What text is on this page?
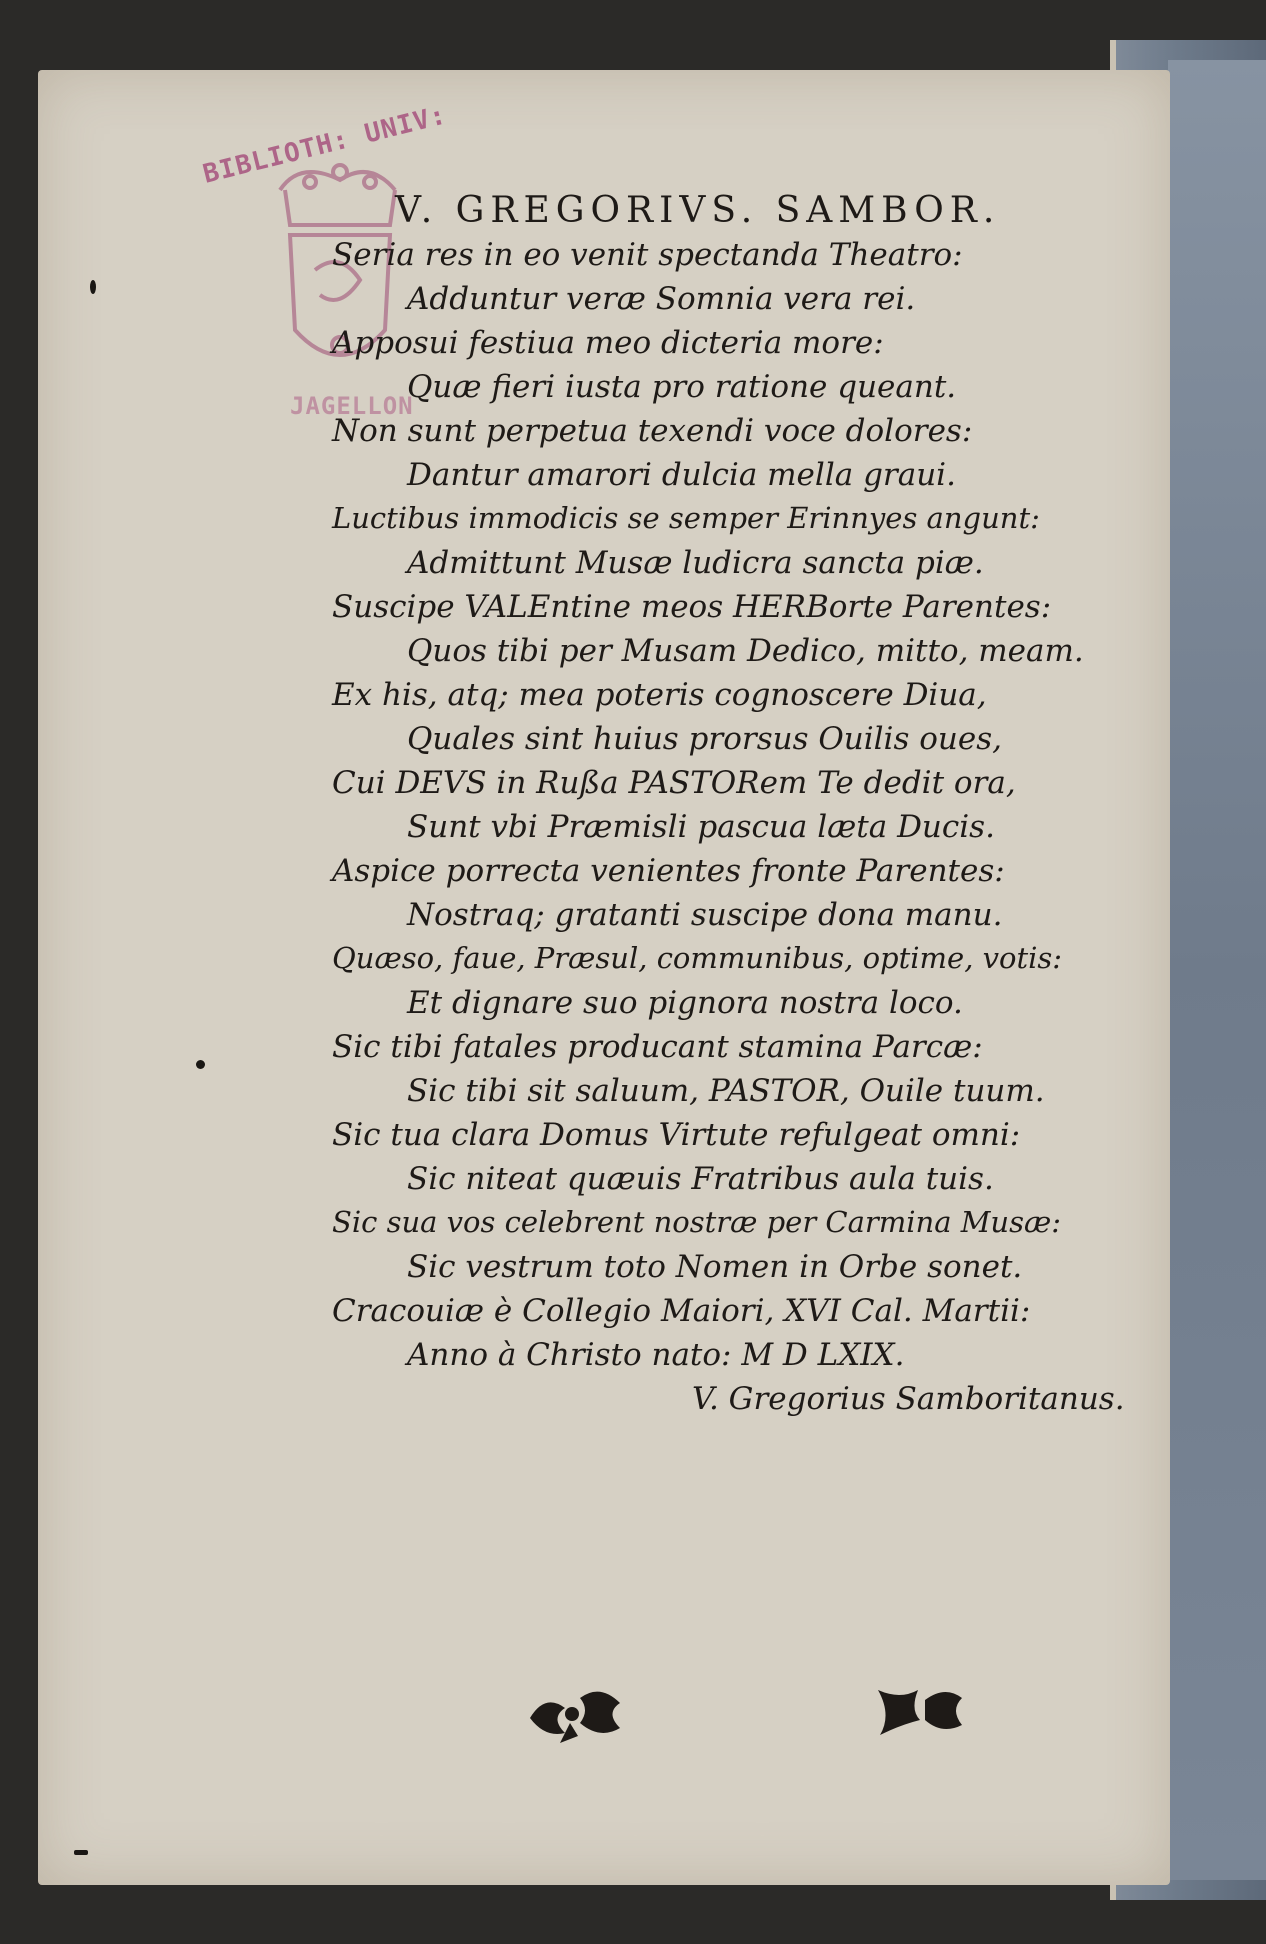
BIBLIOTH: UNIV:
JAGELLON
V. GREGORIVS. SAMBOR.
Seria res in eo venit spectanda Theatro:
Adduntur veræ Somnia vera rei.
Apposui festiua meo dicteria more:
Quæ fieri iusta pro ratione queant.
Non sunt perpetua texendi voce dolores:
Dantur amarori dulcia mella graui.
Luctibus immodicis se semper Erinnyes angunt:
Admittunt Musæ ludicra sancta piæ.
Suscipe VALEntine meos HERBorte Parentes:
Quos tibi per Musam Dedico, mitto, meam.
Ex his, atq; mea poteris cognoscere Diua,
Quales sint huius prorsus Ouilis oues,
Cui DEVS in Rußa PASTORem Te dedit ora,
Sunt vbi Præmisli pascua læta Ducis.
Aspice porrecta venientes fronte Parentes:
Nostraq; gratanti suscipe dona manu.
Quæso, faue, Præsul, communibus, optime, votis:
Et dignare suo pignora nostra loco.
Sic tibi fatales producant stamina Parcæ:
Sic tibi sit saluum, PASTOR, Ouile tuum.
Sic tua clara Domus Virtute refulgeat omni:
Sic niteat quæuis Fratribus aula tuis.
Sic sua vos celebrent nostræ per Carmina Musæ:
Sic vestrum toto Nomen in Orbe sonet.
Cracouiæ è Collegio Maiori, XVI Cal. Martii:
Anno à Christo nato: M D LXIX.
V. Gregorius Samboritanus.
